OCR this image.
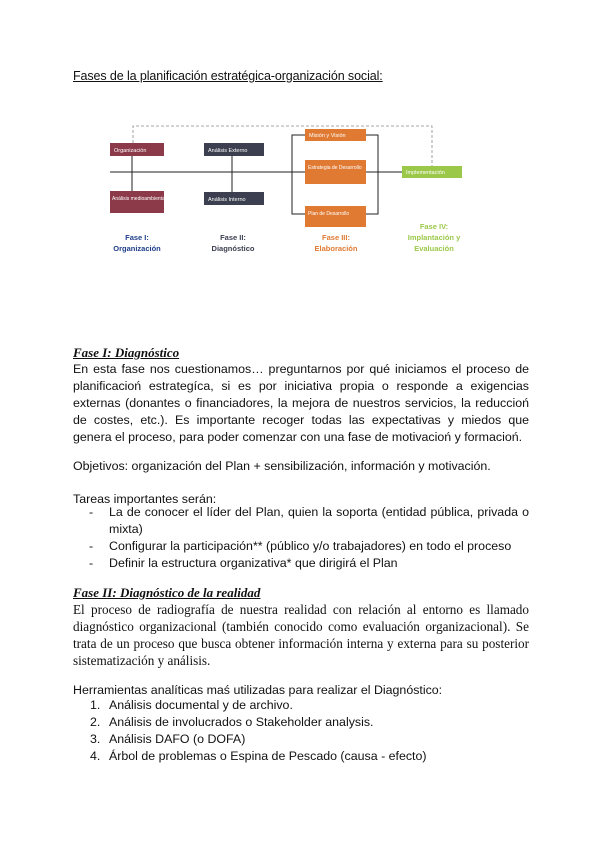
Fases de la planificación estratégica-organización social:
Organización
Análisis medioambiental
Análisis Externo
Análisis Interno
Misión y Visión
Estrategia de Desarrollo
Plan de Desarrollo
Implementación
Fase I:
Organización
Fase II:
Diagnóstico
Fase III:
Elaboración
Fase IV:
Implantación y
Evaluación
Fase I: Diagnóstico
En esta fase nos cuestionamos… preguntarnos por qué iniciamos el proceso de planificacioń estrategíca, si es por iniciativa propia o responde a exigencias externas (donantes o financiadores, la mejora de nuestros servicios, la reduccioń de costes, etc.). Es importante recoger todas las expectativas y miedos que genera el proceso, para poder comenzar con una fase de motivacioń y formacioń.
Objetivos: organización del Plan + sensibilización, información y motivación.
Tareas importantes serán:
- La de conocer el líder del Plan, quien la soporta (entidad pública, privada o mixta)
- Configurar la participación** (público y/o trabajadores) en todo el proceso
- Definir la estructura organizativa* que dirigirá el Plan
Fase II: Diagnóstico de la realidad
El proceso de radiografía de nuestra realidad con relación al entorno es llamado diagnóstico organizacional (también conocido como evaluación organizacional). Se trata de un proceso que busca obtener información interna y externa para su posterior sistematización y análisis.
Herramientas analíticas maś utilizadas para realizar el Diagnóstico:
1. Análisis documental y de archivo.
2. Análisis de involucrados o Stakeholder analysis.
3. Análisis DAFO (o DOFA)
4. Árbol de problemas o Espina de Pescado (causa - efecto)
